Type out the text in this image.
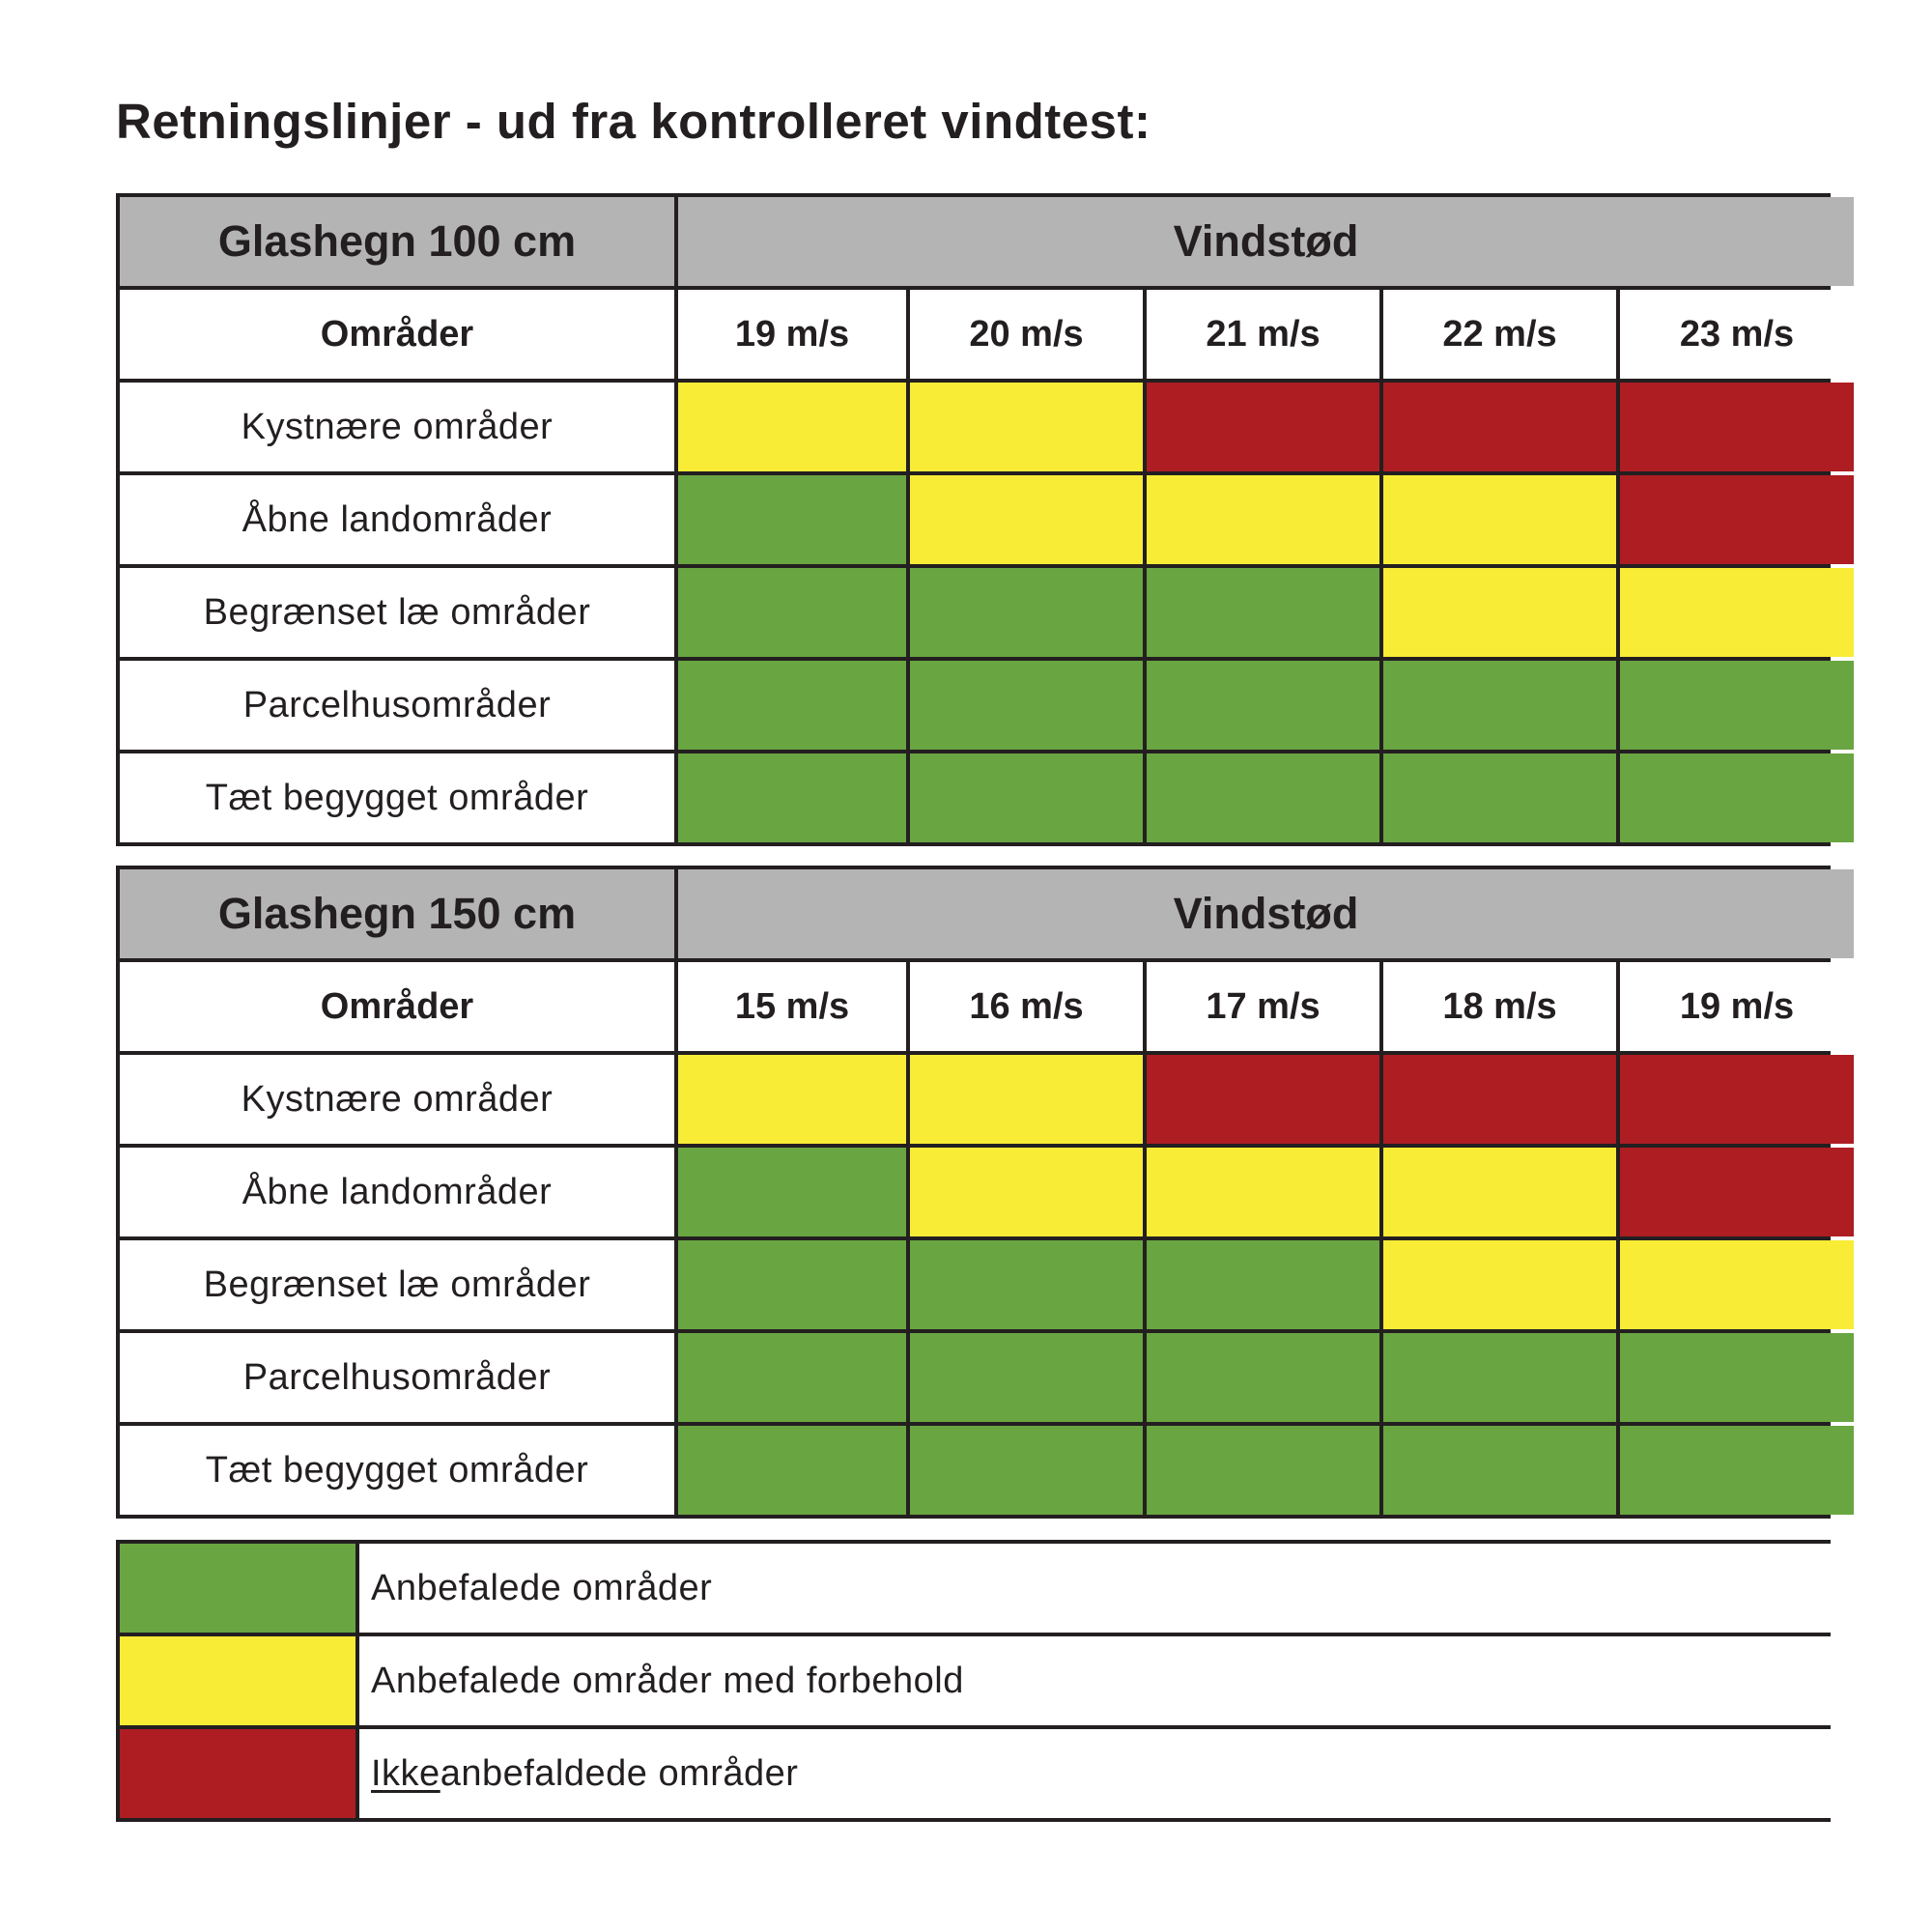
Retningslinjer - ud fra kontrolleret vindtest:
Glashegn 100 cm	Vindstød
Områder	19 m/s	20 m/s	21 m/s	22 m/s	23 m/s
Kystnære områder
Åbne landområder
Begrænset læ områder
Parcelhusområder
Tæt begygget områder
Glashegn 150 cm	Vindstød
Områder	15 m/s	16 m/s	17 m/s	18 m/s	19 m/s
Kystnære områder
Åbne landområder
Begrænset læ områder
Parcelhusområder
Tæt begygget områder
Anbefalede områder
Anbefalede områder med forbehold
Ikke anbefaldede områder
